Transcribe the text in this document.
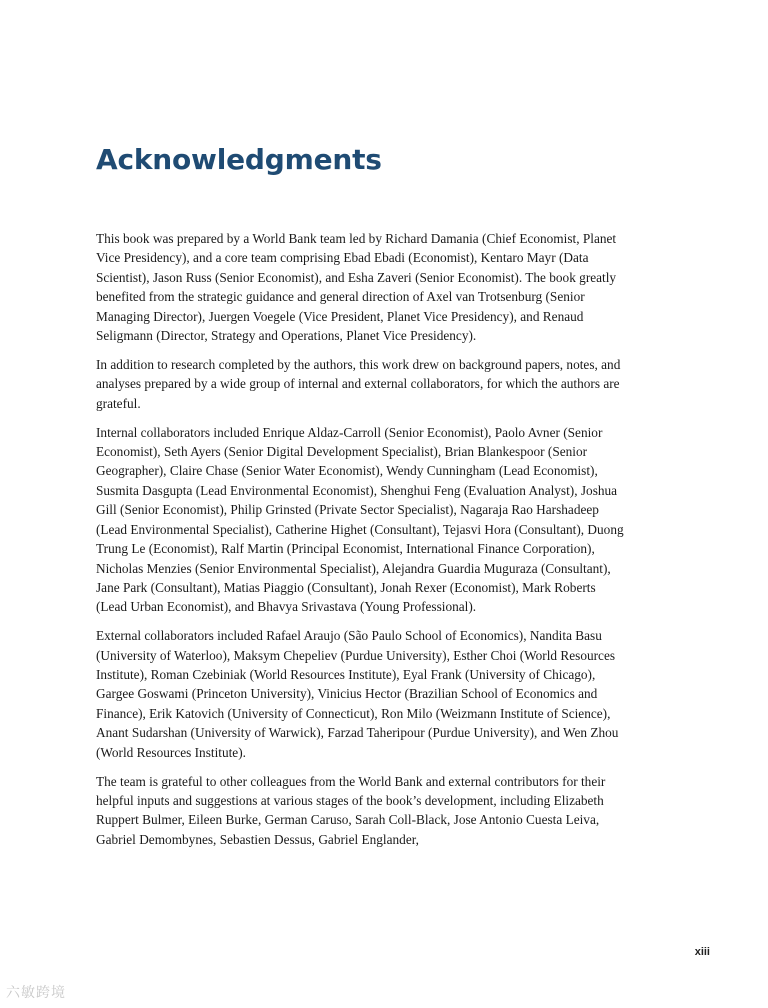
Acknowledgments

This book was prepared by a World Bank team led by Richard Damania (Chief Economist, Planet Vice Presidency), and a core team comprising Ebad Ebadi (Economist), Kentaro Mayr (Data Scientist), Jason Russ (Senior Economist), and Esha Zaveri (Senior Economist). The book greatly benefited from the strategic guidance and general direction of Axel van Trotsenburg (Senior Managing Director), Juergen Voegele (Vice President, Planet Vice Presidency), and Renaud Seligmann (Director, Strategy and Operations, Planet Vice Presidency).

In addition to research completed by the authors, this work drew on background papers, notes, and analyses prepared by a wide group of internal and external collaborators, for which the authors are grateful.

Internal collaborators included Enrique Aldaz-Carroll (Senior Economist), Paolo Avner (Senior Economist), Seth Ayers (Senior Digital Development Specialist), Brian Blankespoor (Senior Geographer), Claire Chase (Senior Water Economist), Wendy Cunningham (Lead Economist), Susmita Dasgupta (Lead Environmental Economist), Shenghui Feng (Evaluation Analyst), Joshua Gill (Senior Economist), Philip Grinsted (Private Sector Specialist), Nagaraja Rao Harshadeep (Lead Environmental Specialist), Catherine Highet (Consultant), Tejasvi Hora (Consultant), Duong Trung Le (Economist), Ralf Martin (Principal Economist, International Finance Corporation), Nicholas Menzies (Senior Environmental Specialist), Alejandra Guardia Muguraza (Consultant), Jane Park (Consultant), Matias Piaggio (Consultant), Jonah Rexer (Economist), Mark Roberts (Lead Urban Economist), and Bhavya Srivastava (Young Professional).

External collaborators included Rafael Araujo (São Paulo School of Economics), Nandita Basu (University of Waterloo), Maksym Chepeliev (Purdue University), Esther Choi (World Resources Institute), Roman Czebiniak (World Resources Institute), Eyal Frank (University of Chicago), Gargee Goswami (Princeton University), Vinicius Hector (Brazilian School of Economics and Finance), Erik Katovich (University of Connecticut), Ron Milo (Weizmann Institute of Science), Anant Sudarshan (University of Warwick), Farzad Taheripour (Purdue University), and Wen Zhou (World Resources Institute).

The team is grateful to other colleagues from the World Bank and external contributors for their helpful inputs and suggestions at various stages of the book’s development, including Elizabeth Ruppert Bulmer, Eileen Burke, German Caruso, Sarah Coll-Black, Jose Antonio Cuesta Leiva, Gabriel Demombynes, Sebastien Dessus, Gabriel Englander,

xiii
六敏跨境
